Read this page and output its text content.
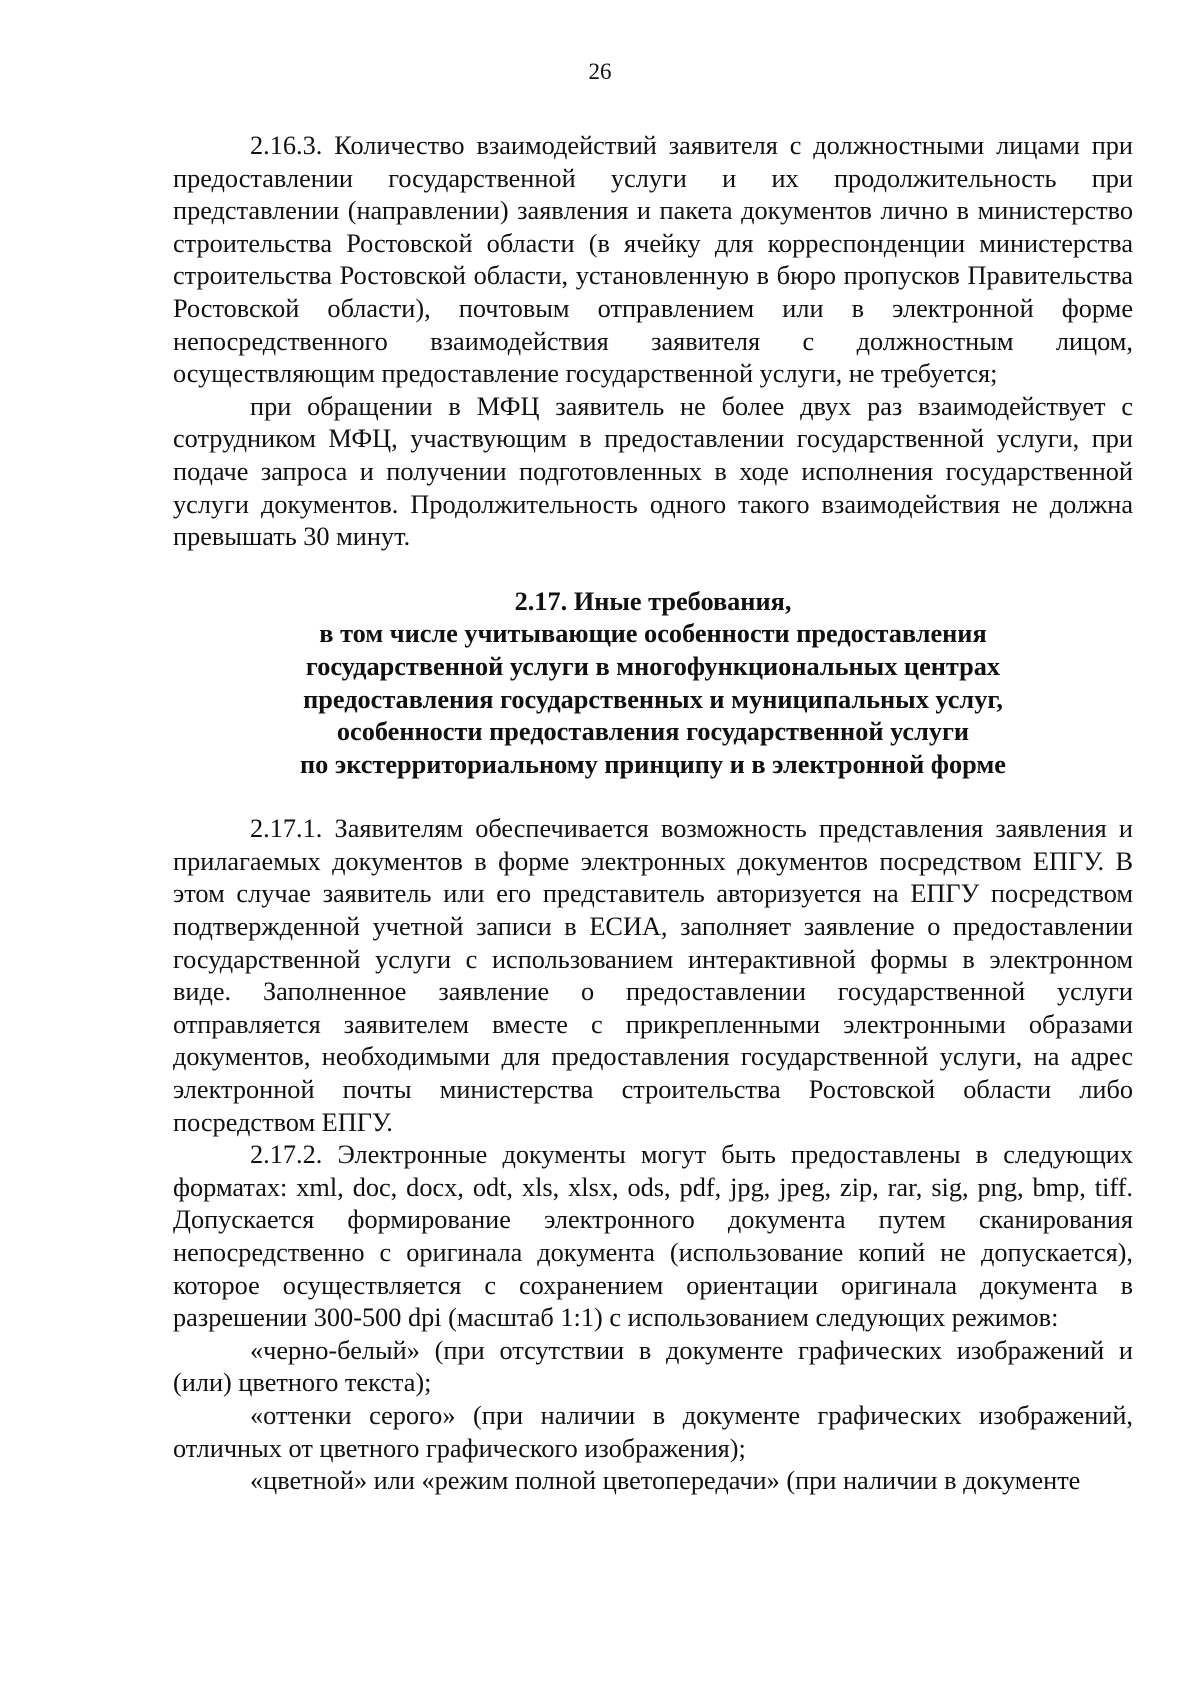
26

2.16.3. Количество взаимодействий заявителя с должностными лицами при предоставлении государственной услуги и их продолжительность при представлении (направлении) заявления и пакета документов лично в министерство строительства Ростовской области (в ячейку для корреспонденции министерства строительства Ростовской области, установленную в бюро пропусков Правительства Ростовской области), почтовым отправлением или в электронной форме непосредственного взаимодействия заявителя с должностным лицом, осуществляющим предоставление государственной услуги, не требуется;

при обращении в МФЦ заявитель не более двух раз взаимодействует с сотрудником МФЦ, участвующим в предоставлении государственной услуги, при подаче запроса и получении подготовленных в ходе исполнения государственной услуги документов. Продолжительность одного такого взаимодействия не должна превышать 30 минут.

2.17. Иные требования,
в том числе учитывающие особенности предоставления
государственной услуги в многофункциональных центрах
предоставления государственных и муниципальных услуг,
особенности предоставления государственной услуги
по экстерриториальному принципу и в электронной форме

2.17.1. Заявителям обеспечивается возможность представления заявления и прилагаемых документов в форме электронных документов посредством ЕПГУ. В этом случае заявитель или его представитель авторизуется на ЕПГУ посредством подтвержденной учетной записи в ЕСИА, заполняет заявление о предоставлении государственной услуги с использованием интерактивной формы в электронном виде. Заполненное заявление о предоставлении государственной услуги отправляется заявителем вместе с прикрепленными электронными образами документов, необходимыми для предоставления государственной услуги, на адрес электронной почты министерства строительства Ростовской области либо посредством ЕПГУ.

2.17.2. Электронные документы могут быть предоставлены в следующих форматах: xml, doc, docx, odt, xls, xlsx, ods, pdf, jpg, jpeg, zip, rar, sig, png, bmp, tiff. Допускается формирование электронного документа путем сканирования непосредственно с оригинала документа (использование копий не допускается), которое осуществляется с сохранением ориентации оригинала документа в разрешении 300-500 dpi (масштаб 1:1) с использованием следующих режимов:

«черно-белый» (при отсутствии в документе графических изображений и (или) цветного текста);

«оттенки серого» (при наличии в документе графических изображений, отличных от цветного графического изображения);

«цветной» или «режим полной цветопередачи» (при наличии в документе
